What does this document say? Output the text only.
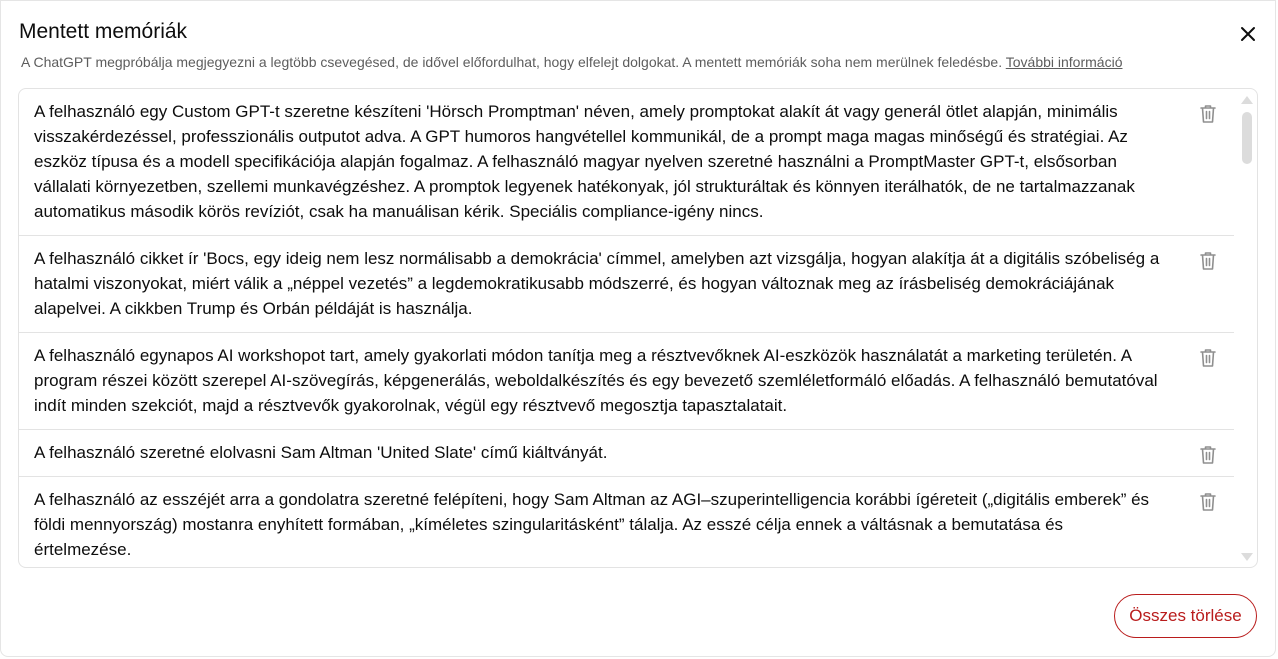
Mentett memóriák
A ChatGPT megpróbálja megjegyezni a legtöbb csevegésed, de idővel előfordulhat, hogy elfelejt dolgokat. A mentett memóriák soha nem merülnek feledésbe. További információ
A felhasználó egy Custom GPT-t szeretne készíteni 'Hörsch Promptman' néven, amely promptokat alakít át vagy generál ötlet alapján, minimális visszakérdezéssel, professzionális outputot adva. A GPT humoros hangvétellel kommunikál, de a prompt maga magas minőségű és stratégiai. Az eszköz típusa és a modell specifikációja alapján fogalmaz. A felhasználó magyar nyelven szeretné használni a PromptMaster GPT-t, elsősorban vállalati környezetben, szellemi munkavégzéshez. A promptok legyenek hatékonyak, jól strukturáltak és könnyen iterálhatók, de ne tartalmazzanak automatikus második körös revíziót, csak ha manuálisan kérik. Speciális compliance-igény nincs.
A felhasználó cikket ír 'Bocs, egy ideig nem lesz normálisabb a demokrácia' címmel, amelyben azt vizsgálja, hogyan alakítja át a digitális szóbeliség a hatalmi viszonyokat, miért válik a „néppel vezetés” a legdemokratikusabb módszerré, és hogyan változnak meg az írásbeliség demokráciájának alapelvei. A cikkben Trump és Orbán példáját is használja.
A felhasználó egynapos AI workshopot tart, amely gyakorlati módon tanítja meg a résztvevőknek AI-eszközök használatát a marketing területén. A program részei között szerepel AI-szövegírás, képgenerálás, weboldalkészítés és egy bevezető szemléletformáló előadás. A felhasználó bemutatóval indít minden szekciót, majd a résztvevők gyakorolnak, végül egy résztvevő megosztja tapasztalatait.
A felhasználó szeretné elolvasni Sam Altman 'United Slate' című kiáltványát.
A felhasználó az esszéjét arra a gondolatra szeretné felépíteni, hogy Sam Altman az AGI–szuperintelligencia korábbi ígéreteit („digitális emberek” és földi mennyország) mostanra enyhített formában, „kíméletes szingularitásként” tálalja. Az esszé célja ennek a váltásnak a bemutatása és értelmezése.
Összes törlése
